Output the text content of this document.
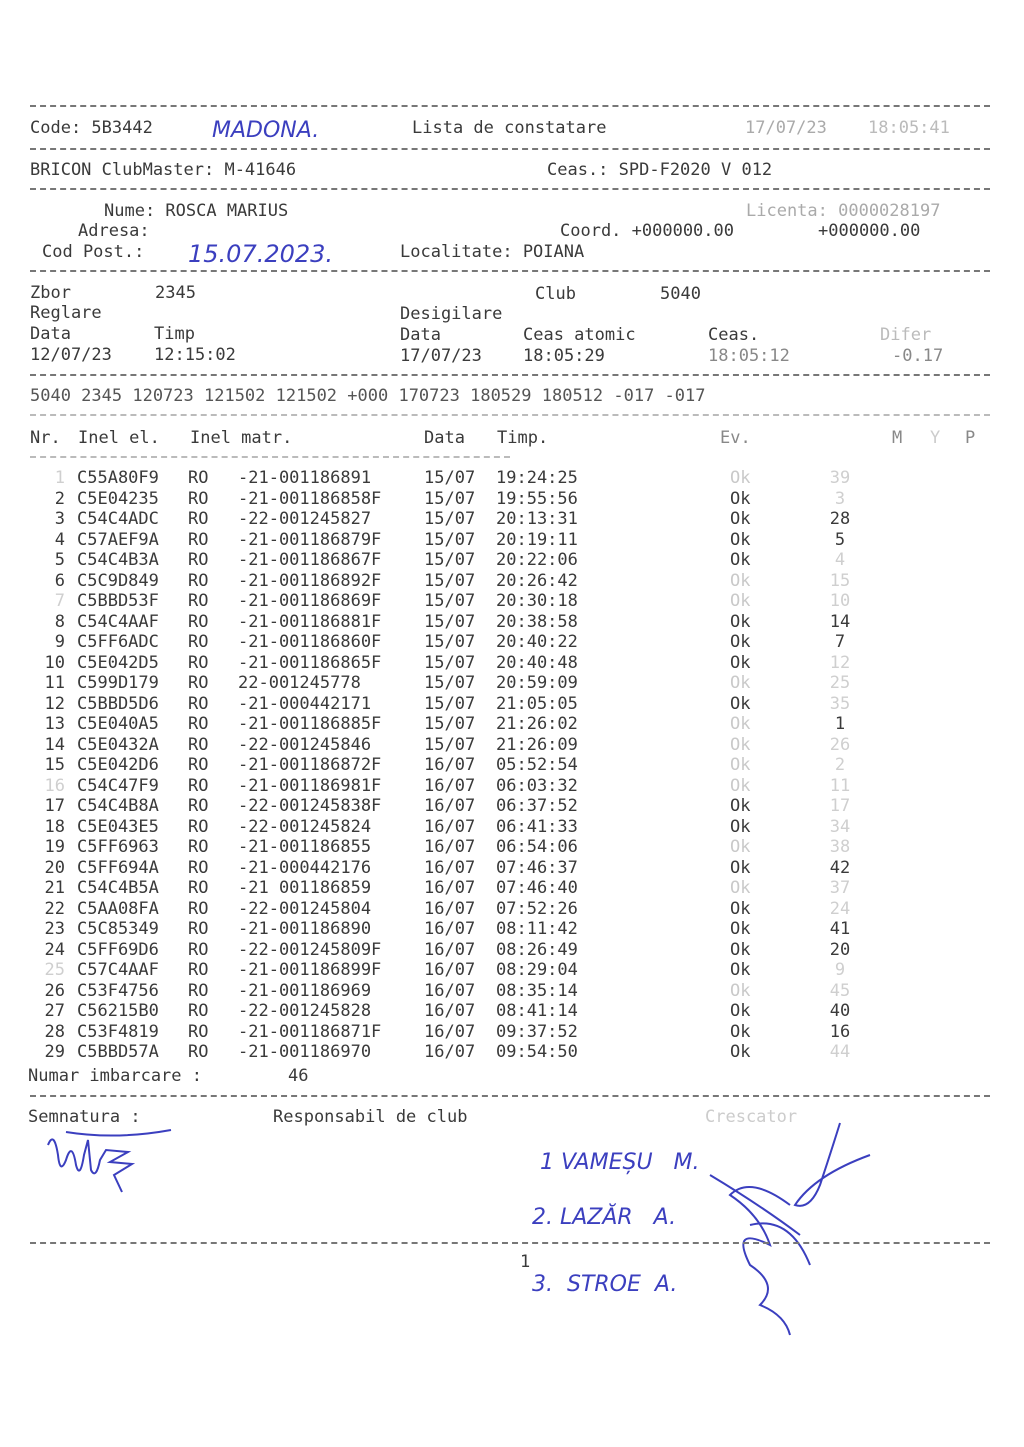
Code: 5B3442	MADONA.	Lista de constatare	17/07/23 18:05:41
BRICON ClubMaster: M-41646	Ceas.: SPD-F2020 V 012
Nume: ROSCA MARIUS	Licenta: 0000028197
Adresa:	Coord. +000000.00	+000000.00
Cod Post.: 15.07.2023.	Localitate: POIANA
Zbor	2345	Club	5040
Reglare	Desigilare
Data	Timp	Data	Ceas atomic	Ceas.	Difer
12/07/23 12:15:02	17/07/23 18:05:29	18:05:12	-0.17
5040 2345 120723 121502 121502 +000 170723 180529 180512 -017 -017
Nr. Inel el. Inel matr.	Data Timp.	Ev.	M Y P
1 C55A80F9 RO -21-001186891	15/07 19:24:25	Ok	39
2 C5E04235 RO -21-001186858F	15/07 19:55:56	Ok	3
3 C54C4ADC RO -22-001245827	15/07 20:13:31	Ok	28
4 C57AEF9A RO -21-001186879F	15/07 20:19:11	Ok	5
5 C54C4B3A RO -21-001186867F	15/07 20:22:06	Ok	4
6 C5C9D849 RO -21-001186892F	15/07 20:26:42	Ok	15
7 C5BBD53F RO -21-001186869F	15/07 20:30:18	Ok	10
8 C54C4AAF RO -21-001186881F	15/07 20:38:58	Ok	14
9 C5FF6ADC RO -21-001186860F	15/07 20:40:22	Ok	7
10 C5E042D5 RO -21-001186865F	15/07 20:40:48	Ok	12
11 C599D179 RO 22-001245778	15/07 20:59:09	Ok	25
12 C5BBD5D6 RO -21-000442171	15/07 21:05:05	Ok	35
13 C5E040A5 RO -21-001186885F	15/07 21:26:02	Ok	1
14 C5E0432A RO -22-001245846	15/07 21:26:09	Ok	26
15 C5E042D6 RO -21-001186872F	16/07 05:52:54	Ok	2
16 C54C47F9 RO -21-001186981F	16/07 06:03:32	Ok	11
17 C54C4B8A RO -22-001245838F	16/07 06:37:52	Ok	17
18 C5E043E5 RO -22-001245824	16/07 06:41:33	Ok	34
19 C5FF6963 RO -21-001186855	16/07 06:54:06	Ok	38
20 C5FF694A RO -21-000442176	16/07 07:46:37	Ok	42
21 C54C4B5A RO -21 001186859	16/07 07:46:40	Ok	37
22 C5AA08FA RO -22-001245804	16/07 07:52:26	Ok	24
23 C5C85349 RO -21-001186890	16/07 08:11:42	Ok	41
24 C5FF69D6 RO -22-001245809F	16/07 08:26:49	Ok	20
25 C57C4AAF RO -21-001186899F	16/07 08:29:04	Ok	9
26 C53F4756 RO -21-001186969	16/07 08:35:14	Ok	45
27 C56215B0 RO -22-001245828	16/07 08:41:14	Ok	40
28 C53F4819 RO -21-001186871F	16/07 09:37:52	Ok	16
29 C5BBD57A RO -21-001186970	16/07 09:54:50	Ok	44
Numar imbarcare :	46
Semnatura :	Responsabil de club	Crescator
1 VAMEȘU   M.
2. LAZĂR   A.
3.  STROE  A.
1
